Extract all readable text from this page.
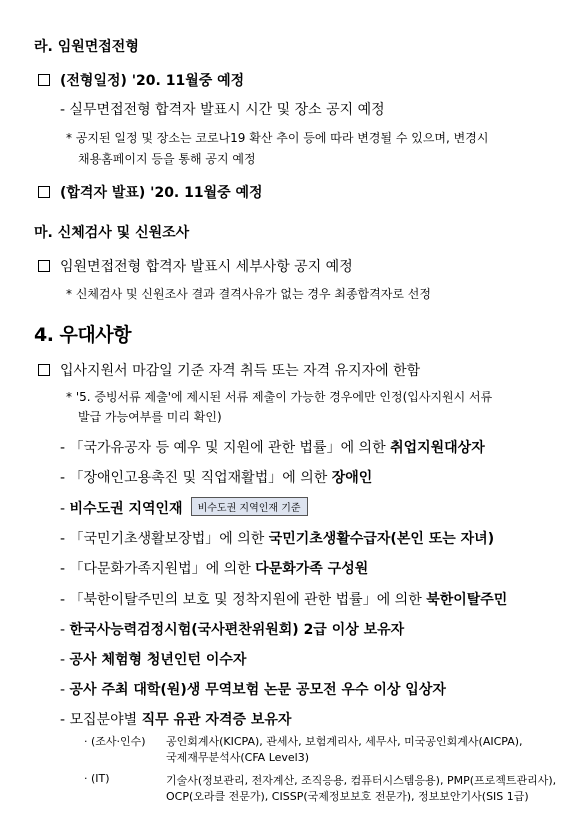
라. 임원면접전형
(전형일정) '20. 11월중 예정
- 실무면접전형 합격자 발표시 시간 및 장소 공지 예정
* 공지된 일정 및 장소는 코로나19 확산 추이 등에 따라 변경될 수 있으며, 변경시
채용홈페이지 등을 통해 공지 예정
(합격자 발표) '20. 11월중 예정
마. 신체검사 및 신원조사
임원면접전형 합격자 발표시 세부사항 공지 예정
* 신체검사 및 신원조사 결과 결격사유가 없는 경우 최종합격자로 선정
4. 우대사항
입사지원서 마감일 기준 자격 취득 또는 자격 유지자에 한함
* '5. 증빙서류 제출'에 제시된 서류 제출이 가능한 경우에만 인정(입사지원시 서류
발급 가능여부를 미리 확인)
- 「국가유공자 등 예우 및 지원에 관한 법률」에 의한 취업지원대상자
- 「장애인고용촉진 및 직업재활법」에 의한 장애인
- 비수도권 지역인재 비수도권 지역인재 기준
- 「국민기초생활보장법」에 의한 국민기초생활수급자(본인 또는 자녀)
- 「다문화가족지원법」에 의한 다문화가족 구성원
- 「북한이탈주민의 보호 및 정착지원에 관한 법률」에 의한 북한이탈주민
- 한국사능력검정시험(국사편찬위원회) 2급 이상 보유자
- 공사 체험형 청년인턴 이수자
- 공사 주최 대학(원)생 무역보험 논문 공모전 우수 이상 입상자
- 모집분야별 직무 유관 자격증 보유자
· (조사·인수) 공인회계사(KICPA), 관세사, 보험계리사, 세무사, 미국공인회계사(AICPA),
국제재무분석사(CFA Level3)
· (IT)	기술사(정보관리, 전자계산, 조직응용, 컴퓨터시스템응용), PMP(프로젝트관리사),
OCP(오라클 전문가), CISSP(국제정보보호 전문가), 정보보안기사(SIS 1급)
